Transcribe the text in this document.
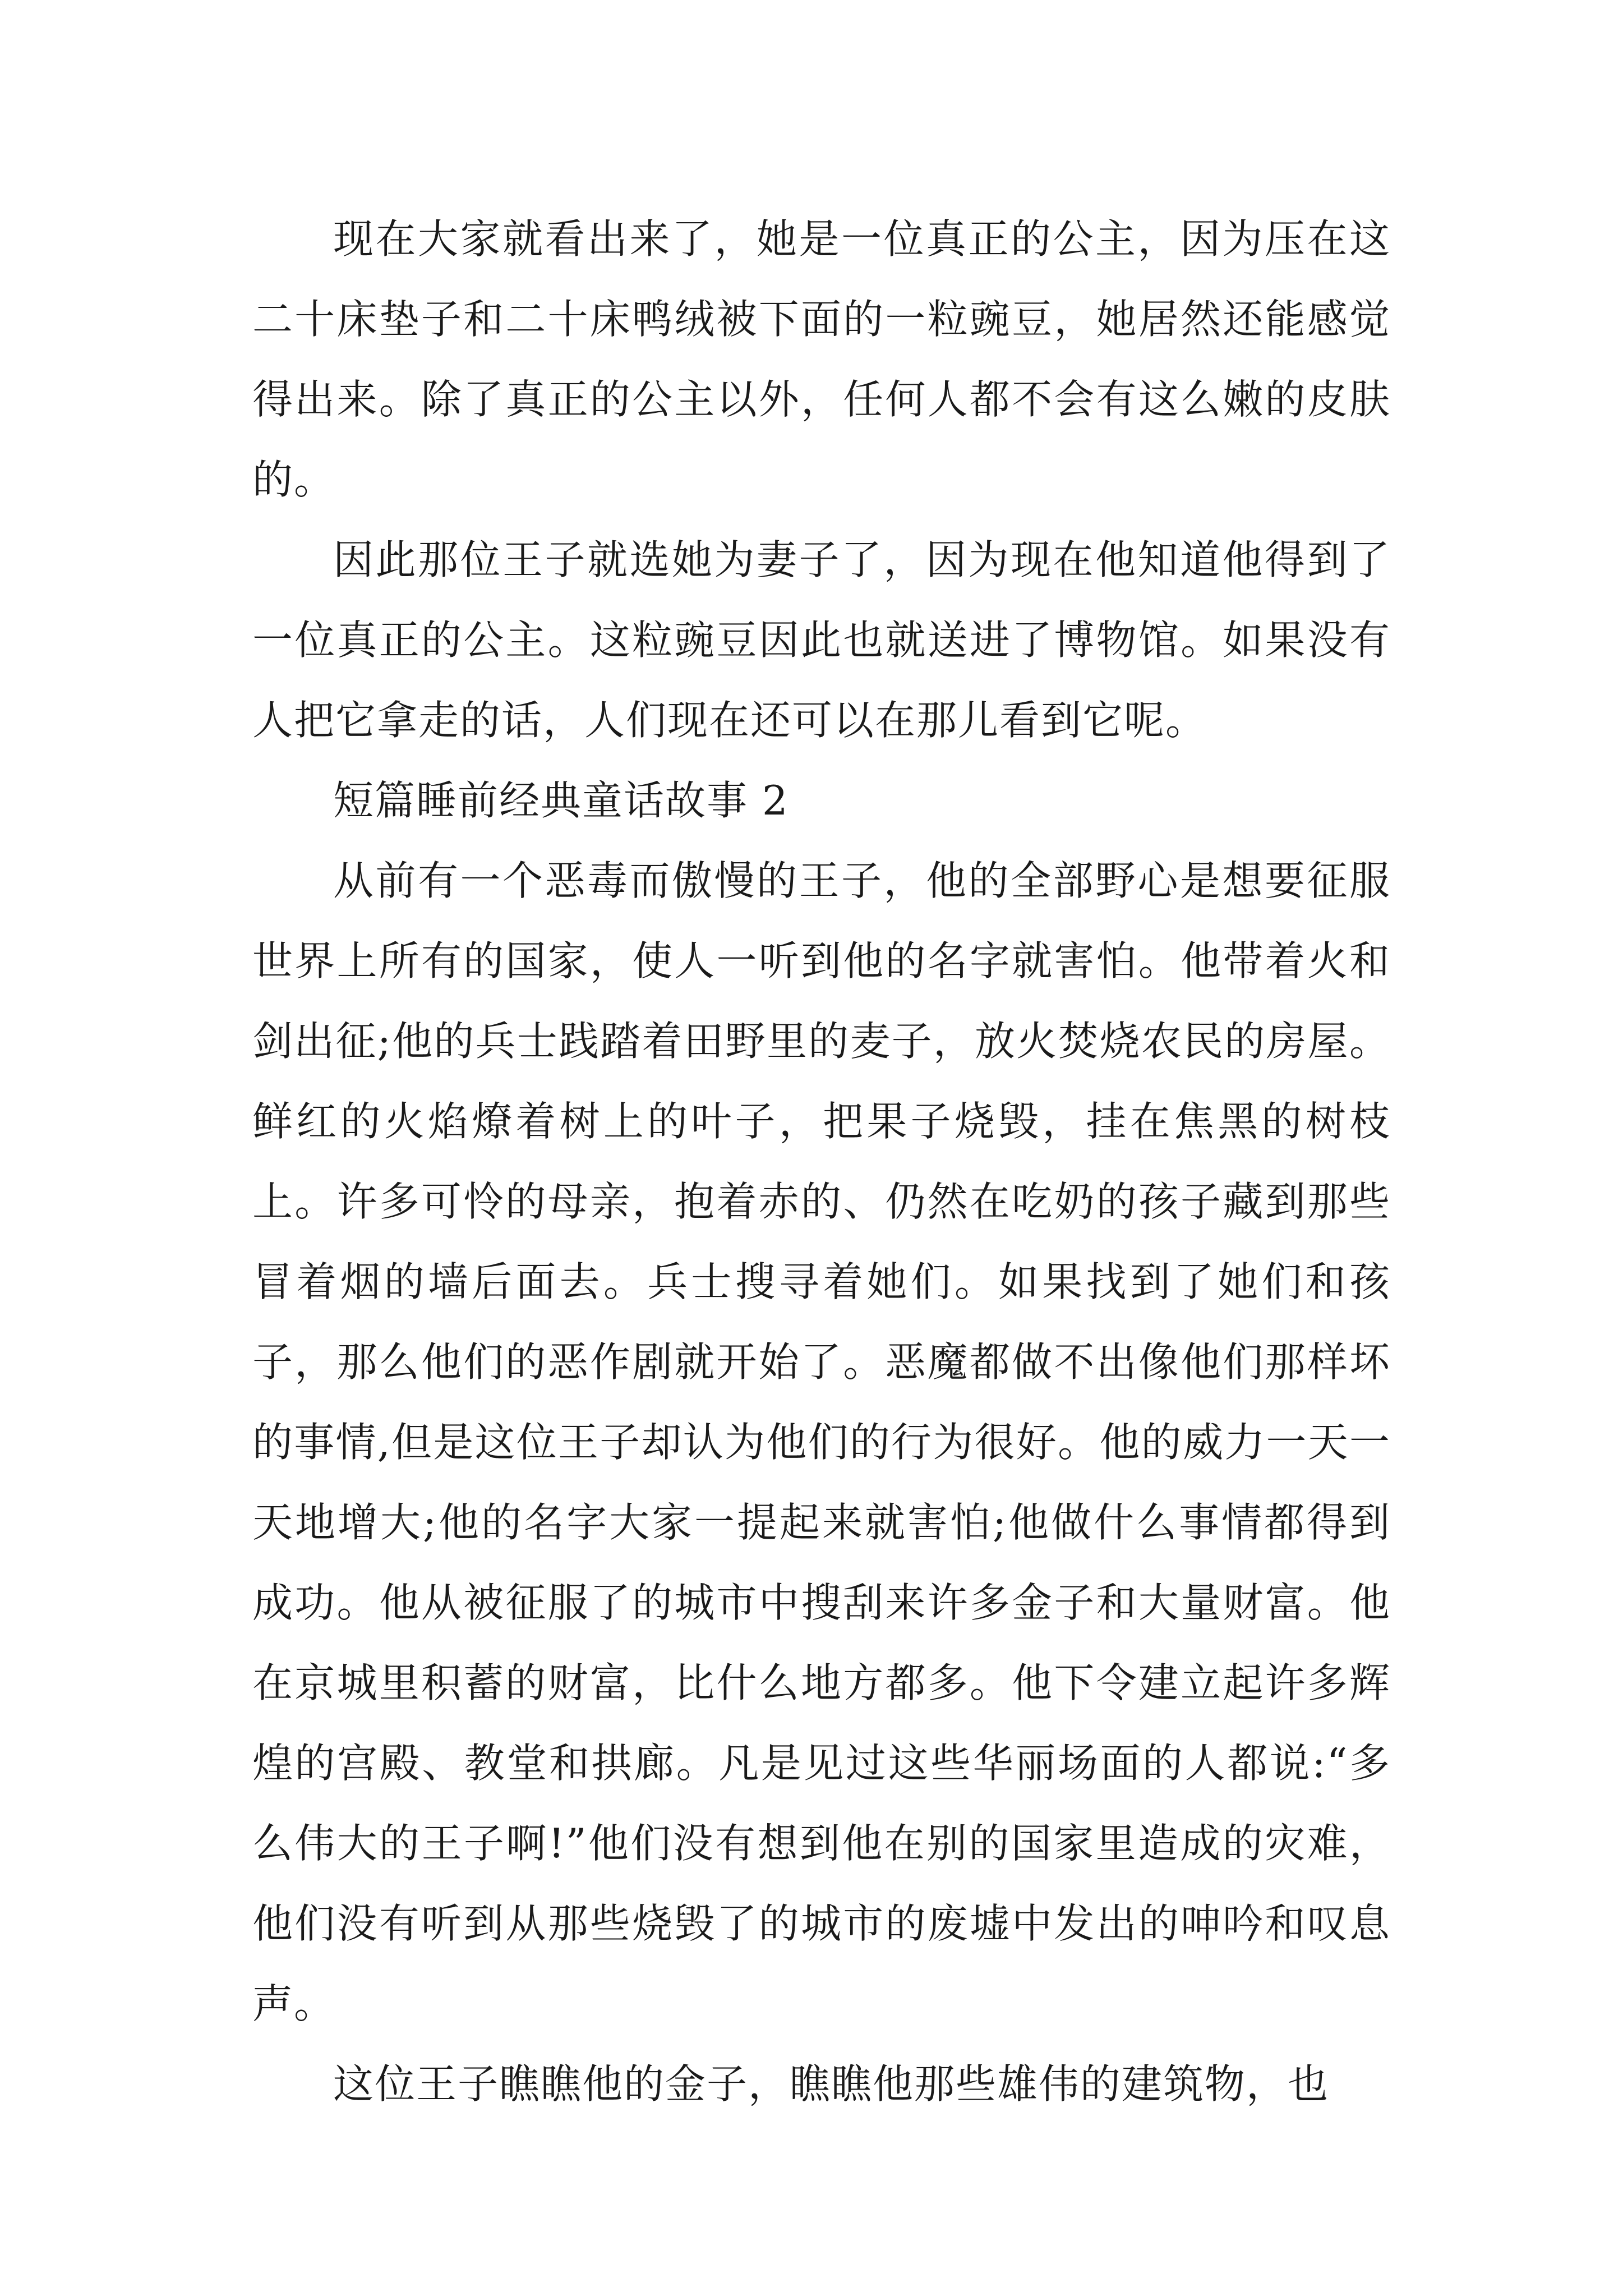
现在大家就看出来了，她是一位真正的公主，因为压在这二十床垫子和二十床鸭绒被下面的一粒豌豆，她居然还能感觉得出来。除了真正的公主以外，任何人都不会有这么嫩的皮肤的。

因此那位王子就选她为妻子了，因为现在他知道他得到了一位真正的公主。这粒豌豆因此也就送进了博物馆。如果没有人把它拿走的话，人们现在还可以在那儿看到它呢。

短篇睡前经典童话故事 2

从前有一个恶毒而傲慢的王子，他的全部野心是想要征服世界上所有的国家，使人一听到他的名字就害怕。他带着火和剑出征;他的兵士践踏着田野里的麦子，放火焚烧农民的房屋。鲜红的火焰燎着树上的叶子，把果子烧毁，挂在焦黑的树枝上。许多可怜的母亲，抱着赤的、仍然在吃奶的孩子藏到那些冒着烟的墙后面去。兵士搜寻着她们。如果找到了她们和孩子，那么他们的恶作剧就开始了。恶魔都做不出像他们那样坏的事情,但是这位王子却认为他们的行为很好。他的威力一天一天地增大;他的名字大家一提起来就害怕;他做什么事情都得到成功。他从被征服了的城市中搜刮来许多金子和大量财富。他在京城里积蓄的财富，比什么地方都多。他下令建立起许多辉煌的宫殿、教堂和拱廊。凡是见过这些华丽场面的人都说:“多么伟大的王子啊!”他们没有想到他在别的国家里造成的灾难，他们没有听到从那些烧毁了的城市的废墟中发出的呻吟和叹息声。

这位王子瞧瞧他的金子，瞧瞧他那些雄伟的建筑物，也
